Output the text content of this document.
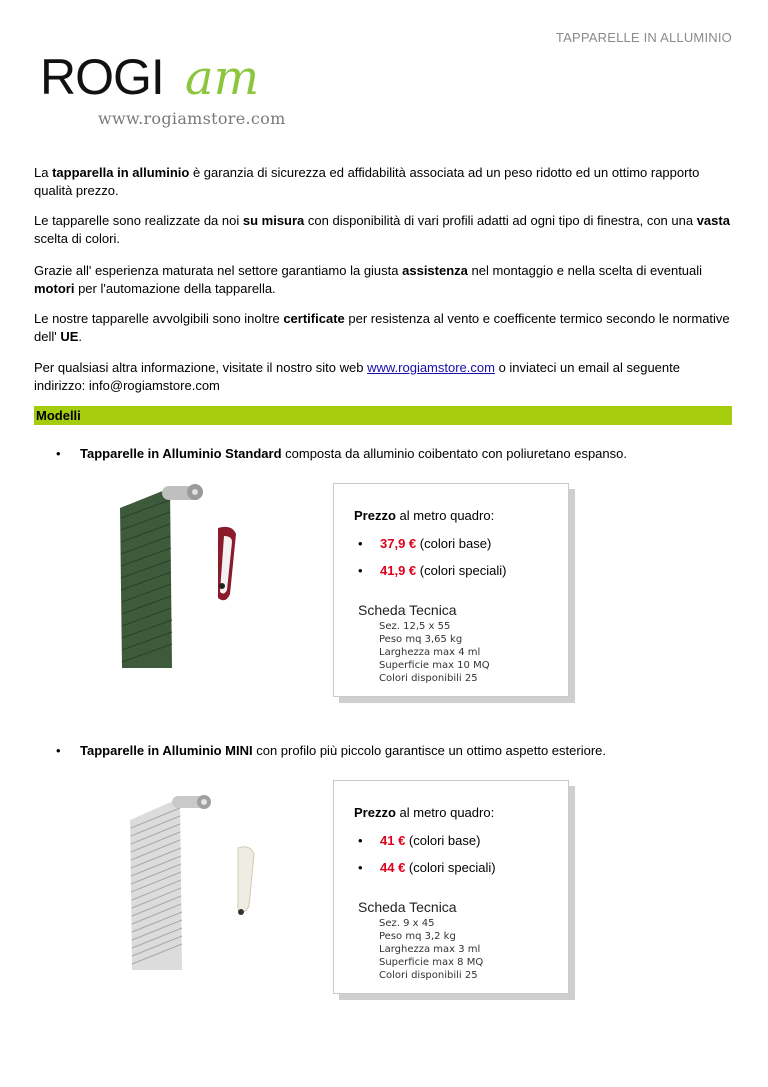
TAPPARELLE IN ALLUMINIO
ROGI am
www.rogiamstore.com

La tapparella in alluminio è garanzia di sicurezza ed affidabilità associata ad un peso ridotto ed un ottimo rapporto qualità prezzo.

Le tapparelle sono realizzate da noi su misura con disponibilità di vari profili adatti ad ogni tipo di finestra, con una vasta scelta di colori.

Grazie all' esperienza maturata nel settore garantiamo la giusta assistenza nel montaggio e nella scelta di eventuali motori per l'automazione della tapparella.

Le nostre tapparelle avvolgibili sono inoltre certificate per resistenza al vento e coefficente termico secondo le normative dell' UE.

Per qualsiasi altra informazione, visitate il nostro sito web www.rogiamstore.com o inviateci un email al seguente indirizzo: info@rogiamstore.com

Modelli
• Tapparelle in Alluminio Standard composta da alluminio coibentato con poliuretano espanso.
Prezzo al metro quadro:
• 37,9 € (colori base)
• 41,9 € (colori speciali)
Scheda Tecnica
Sez. 12,5 x 55
Peso mq 3,65 kg
Larghezza max 4 ml
Superficie max 10 MQ
Colori disponibili 25
• Tapparelle in Alluminio MINI con profilo più piccolo garantisce un ottimo aspetto esteriore.
Prezzo al metro quadro:
• 41 € (colori base)
• 44 € (colori speciali)
Scheda Tecnica
Sez. 9 x 45
Peso mq 3,2 kg
Larghezza max 3 ml
Superficie max 8 MQ
Colori disponibili 25
